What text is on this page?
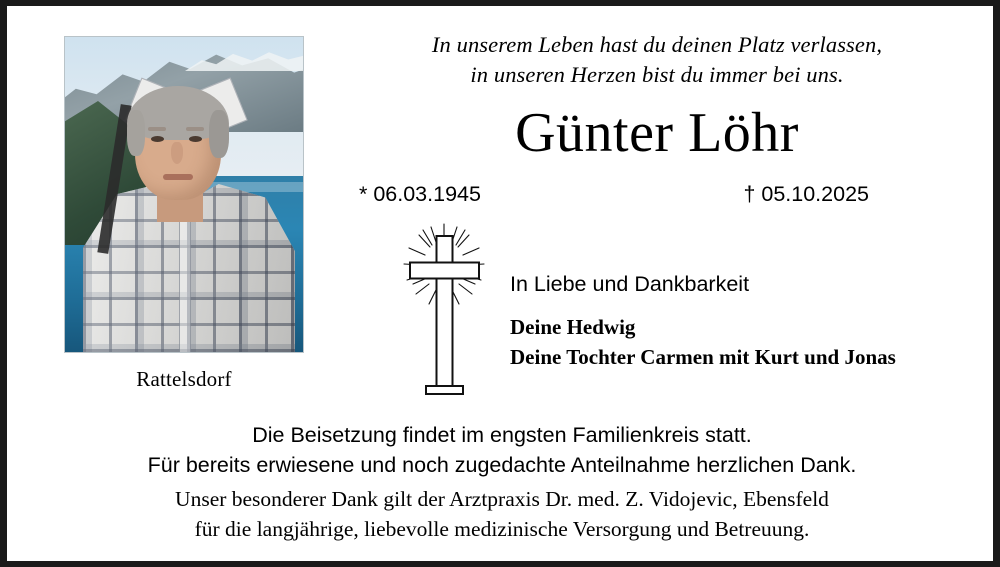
Rattelsdorf
In unserem Leben hast du deinen Platz verlassen,
in unseren Herzen bist du immer bei uns.
Günter Löhr
* 06.03.1945	† 05.10.2025
In Liebe und Dankbarkeit
Deine Hedwig
Deine Tochter Carmen mit Kurt und Jonas
Die Beisetzung findet im engsten Familienkreis statt.
Für bereits erwiesene und noch zugedachte Anteilnahme herzlichen Dank.
Unser besonderer Dank gilt der Arztpraxis Dr. med. Z. Vidojevic, Ebensfeld
für die langjährige, liebevolle medizinische Versorgung und Betreuung.
